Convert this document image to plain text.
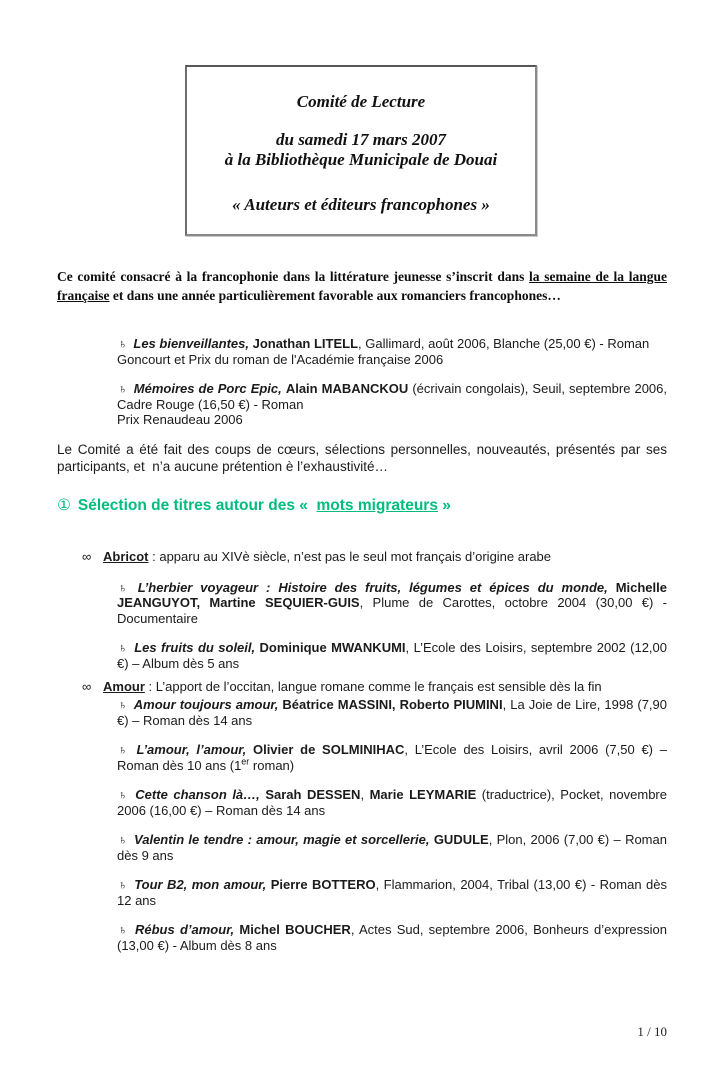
Comité de Lecture
du samedi 17 mars 2007
à la Bibliothèque Municipale de Douai
« Auteurs et éditeurs francophones »

Ce comité consacré à la francophonie dans la littérature jeunesse s’inscrit dans la semaine de la langue française et dans une année particulièrement favorable aux romanciers francophones…

♄ Les bienveillantes, Jonathan LITELL, Gallimard, août 2006, Blanche (25,00 €) - Roman
Goncourt et Prix du roman de l'Académie française 2006
♄ Mémoires de Porc Epic, Alain MABANCKOU (écrivain congolais), Seuil, septembre 2006, Cadre Rouge (16,50 €) - Roman
Prix Renaudeau 2006

Le Comité a été fait des coups de cœurs, sélections personnelles, nouveautés, présentés par ses participants, et  n’a aucune prétention è l’exhaustivité…

① Sélection de titres autour des «  mots migrateurs »
∞ Abricot : apparu au XIVè siècle, n’est pas le seul mot français d’origine arabe
♄ L’herbier voyageur : Histoire des fruits, légumes et épices du monde, Michelle JEANGUYOT, Martine SEQUIER-GUIS, Plume de Carottes, octobre 2004 (30,00 €) - Documentaire
♄ Les fruits du soleil, Dominique MWANKUMI, L’Ecole des Loisirs, septembre 2002 (12,00 €) – Album dès 5 ans
∞ Amour : L’apport de l’occitan, langue romane comme le français est sensible dès la fin
♄ Amour toujours amour, Béatrice MASSINI, Roberto PIUMINI, La Joie de Lire, 1998 (7,90 €) – Roman dès 14 ans
♄ L’amour, l’amour, Olivier de SOLMINIHAC, L’Ecole des Loisirs, avril 2006 (7,50 €) – Roman dès 10 ans (1er roman)
♄ Cette chanson là…, Sarah DESSEN, Marie LEYMARIE (traductrice), Pocket, novembre 2006 (16,00 €) – Roman dès 14 ans
♄ Valentin le tendre : amour, magie et sorcellerie, GUDULE, Plon, 2006 (7,00 €) – Roman dès 9 ans
♄ Tour B2, mon amour, Pierre BOTTERO, Flammarion, 2004, Tribal (13,00 €) - Roman dès 12 ans
♄ Rébus d’amour, Michel BOUCHER, Actes Sud, septembre 2006, Bonheurs d’expression (13,00 €) - Album dès 8 ans
1 / 10
